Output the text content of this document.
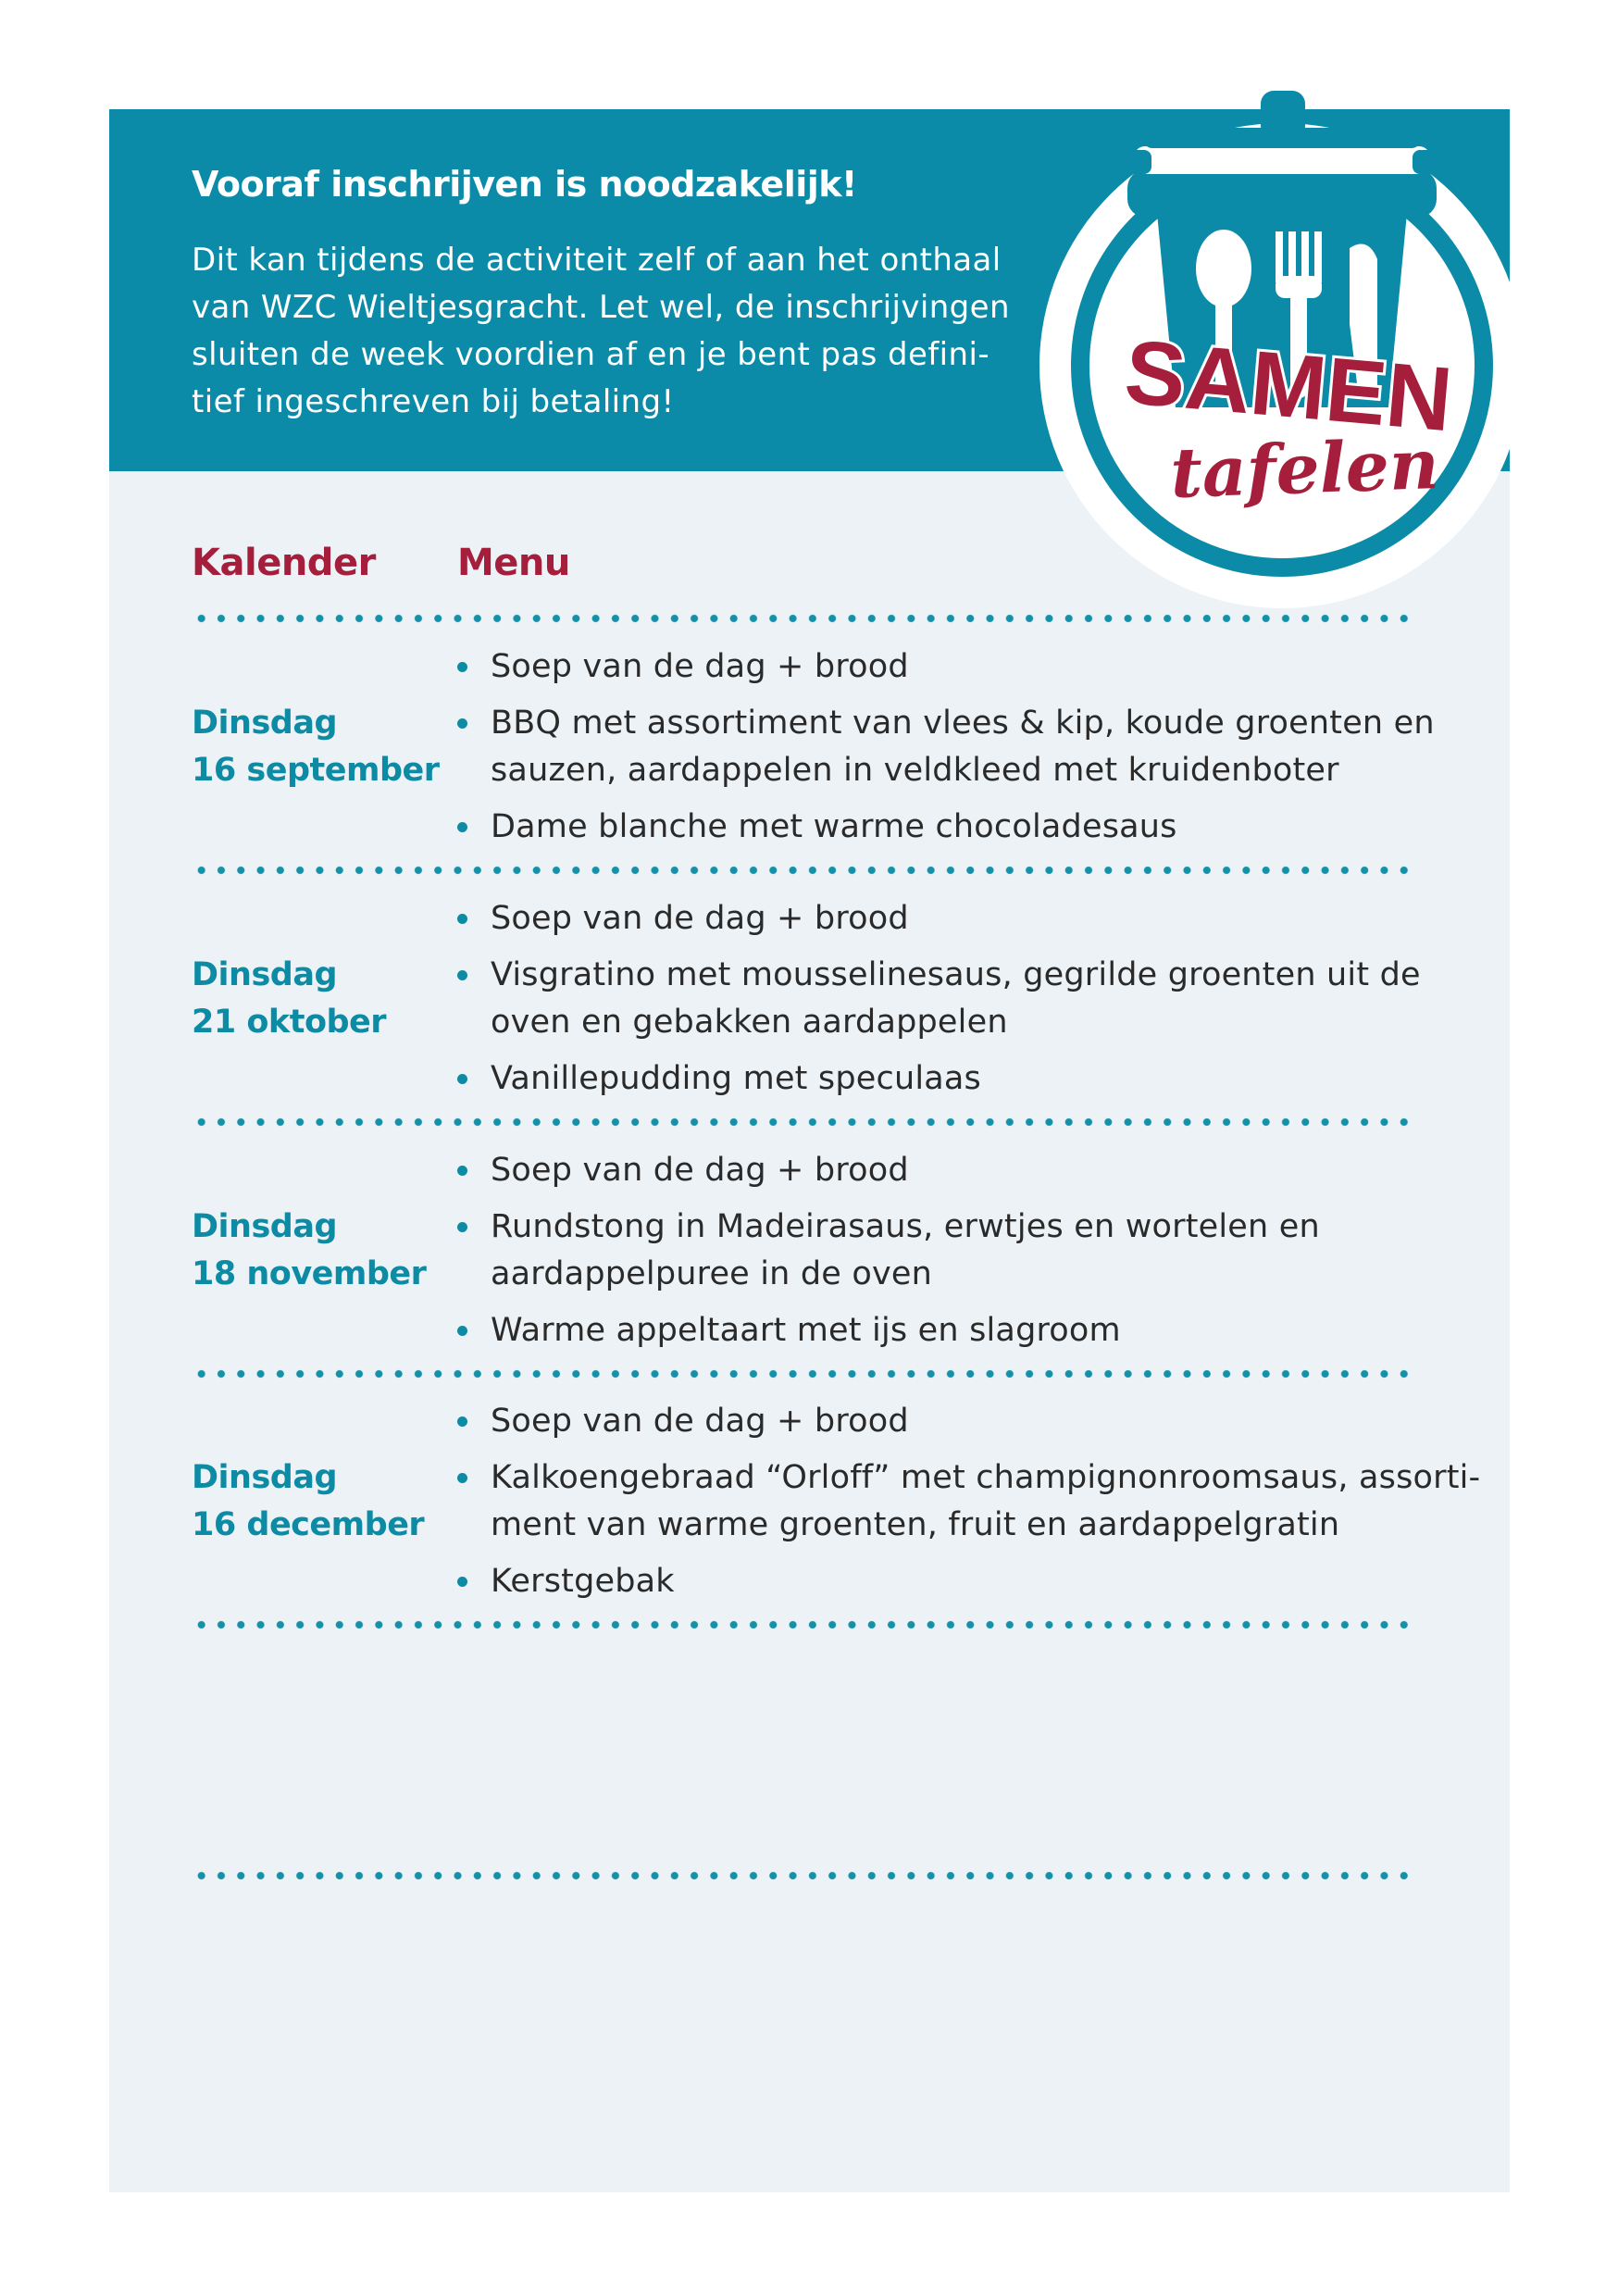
Vooraf inschrijven is noodzakelijk!
Dit kan tijdens de activiteit zelf of aan het onthaal
van WZC Wieltjesgracht. Let wel, de inschrijvingen
sluiten de week voordien af en je bent pas defini-
tief ingeschreven bij betaling!	SAMEN
tafelen
Kalender Menu
Dinsdag
16 september
Soep van de dag + brood
BBQ met assortiment van vlees & kip, koude groenten en
sauzen, aardappelen in veldkleed met kruidenboter
Dame blanche met warme chocoladesaus
Dinsdag
21 oktober
Soep van de dag + brood
Visgratino met mousselinesaus, gegrilde groenten uit de
oven en gebakken aardappelen
Vanillepudding met speculaas
Dinsdag
18 november
Soep van de dag + brood
Rundstong in Madeirasaus, erwtjes en wortelen en
aardappelpuree in de oven
Warme appeltaart met ijs en slagroom
Dinsdag
16 december
Soep van de dag + brood
Kalkoengebraad “Orloff” met champignonroomsaus, assorti-
ment van warme groenten, fruit en aardappelgratin
Kerstgebak
